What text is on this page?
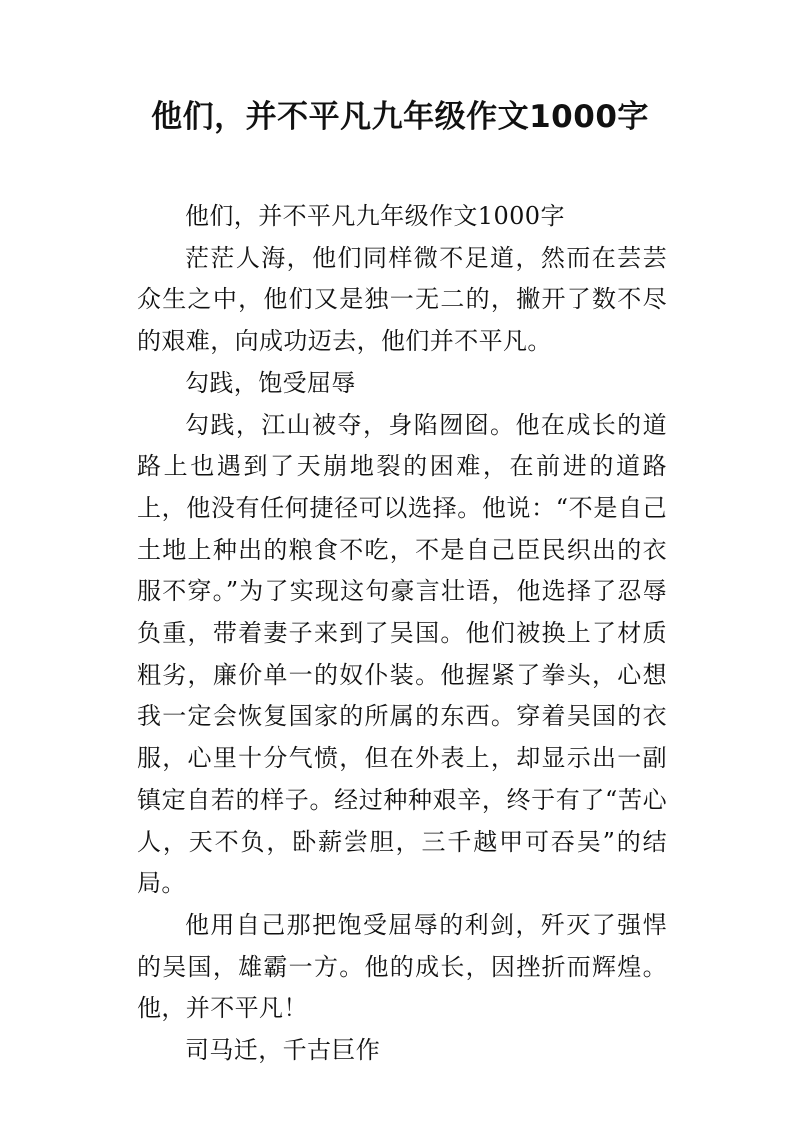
他们，并不平凡九年级作文1000字

他们，并不平凡九年级作文1000字

茫茫人海，他们同样微不足道，然而在芸芸众生之中，他们又是独一无二的，撇开了数不尽的艰难，向成功迈去，他们并不平凡。

勾践，饱受屈辱

勾践，江山被夺，身陷囫囵。他在成长的道路上也遇到了天崩地裂的困难，在前进的道路上，他没有任何捷径可以选择。他说：“不是自己土地上种出的粮食不吃，不是自己臣民织出的衣服不穿。”为了实现这句豪言壮语，他选择了忍辱负重，带着妻子来到了吴国。他们被换上了材质粗劣，廉价单一的奴仆装。他握紧了拳头，心想我一定会恢复国家的所属的东西。穿着吴国的衣服，心里十分气愤，但在外表上，却显示出一副镇定自若的样子。经过种种艰辛，终于有了“苦心人，天不负，卧薪尝胆，三千越甲可吞吴”的结局。

他用自己那把饱受屈辱的利剑，歼灭了强悍的吴国，雄霸一方。他的成长，因挫折而辉煌。他，并不平凡！

司马迁，千古巨作
